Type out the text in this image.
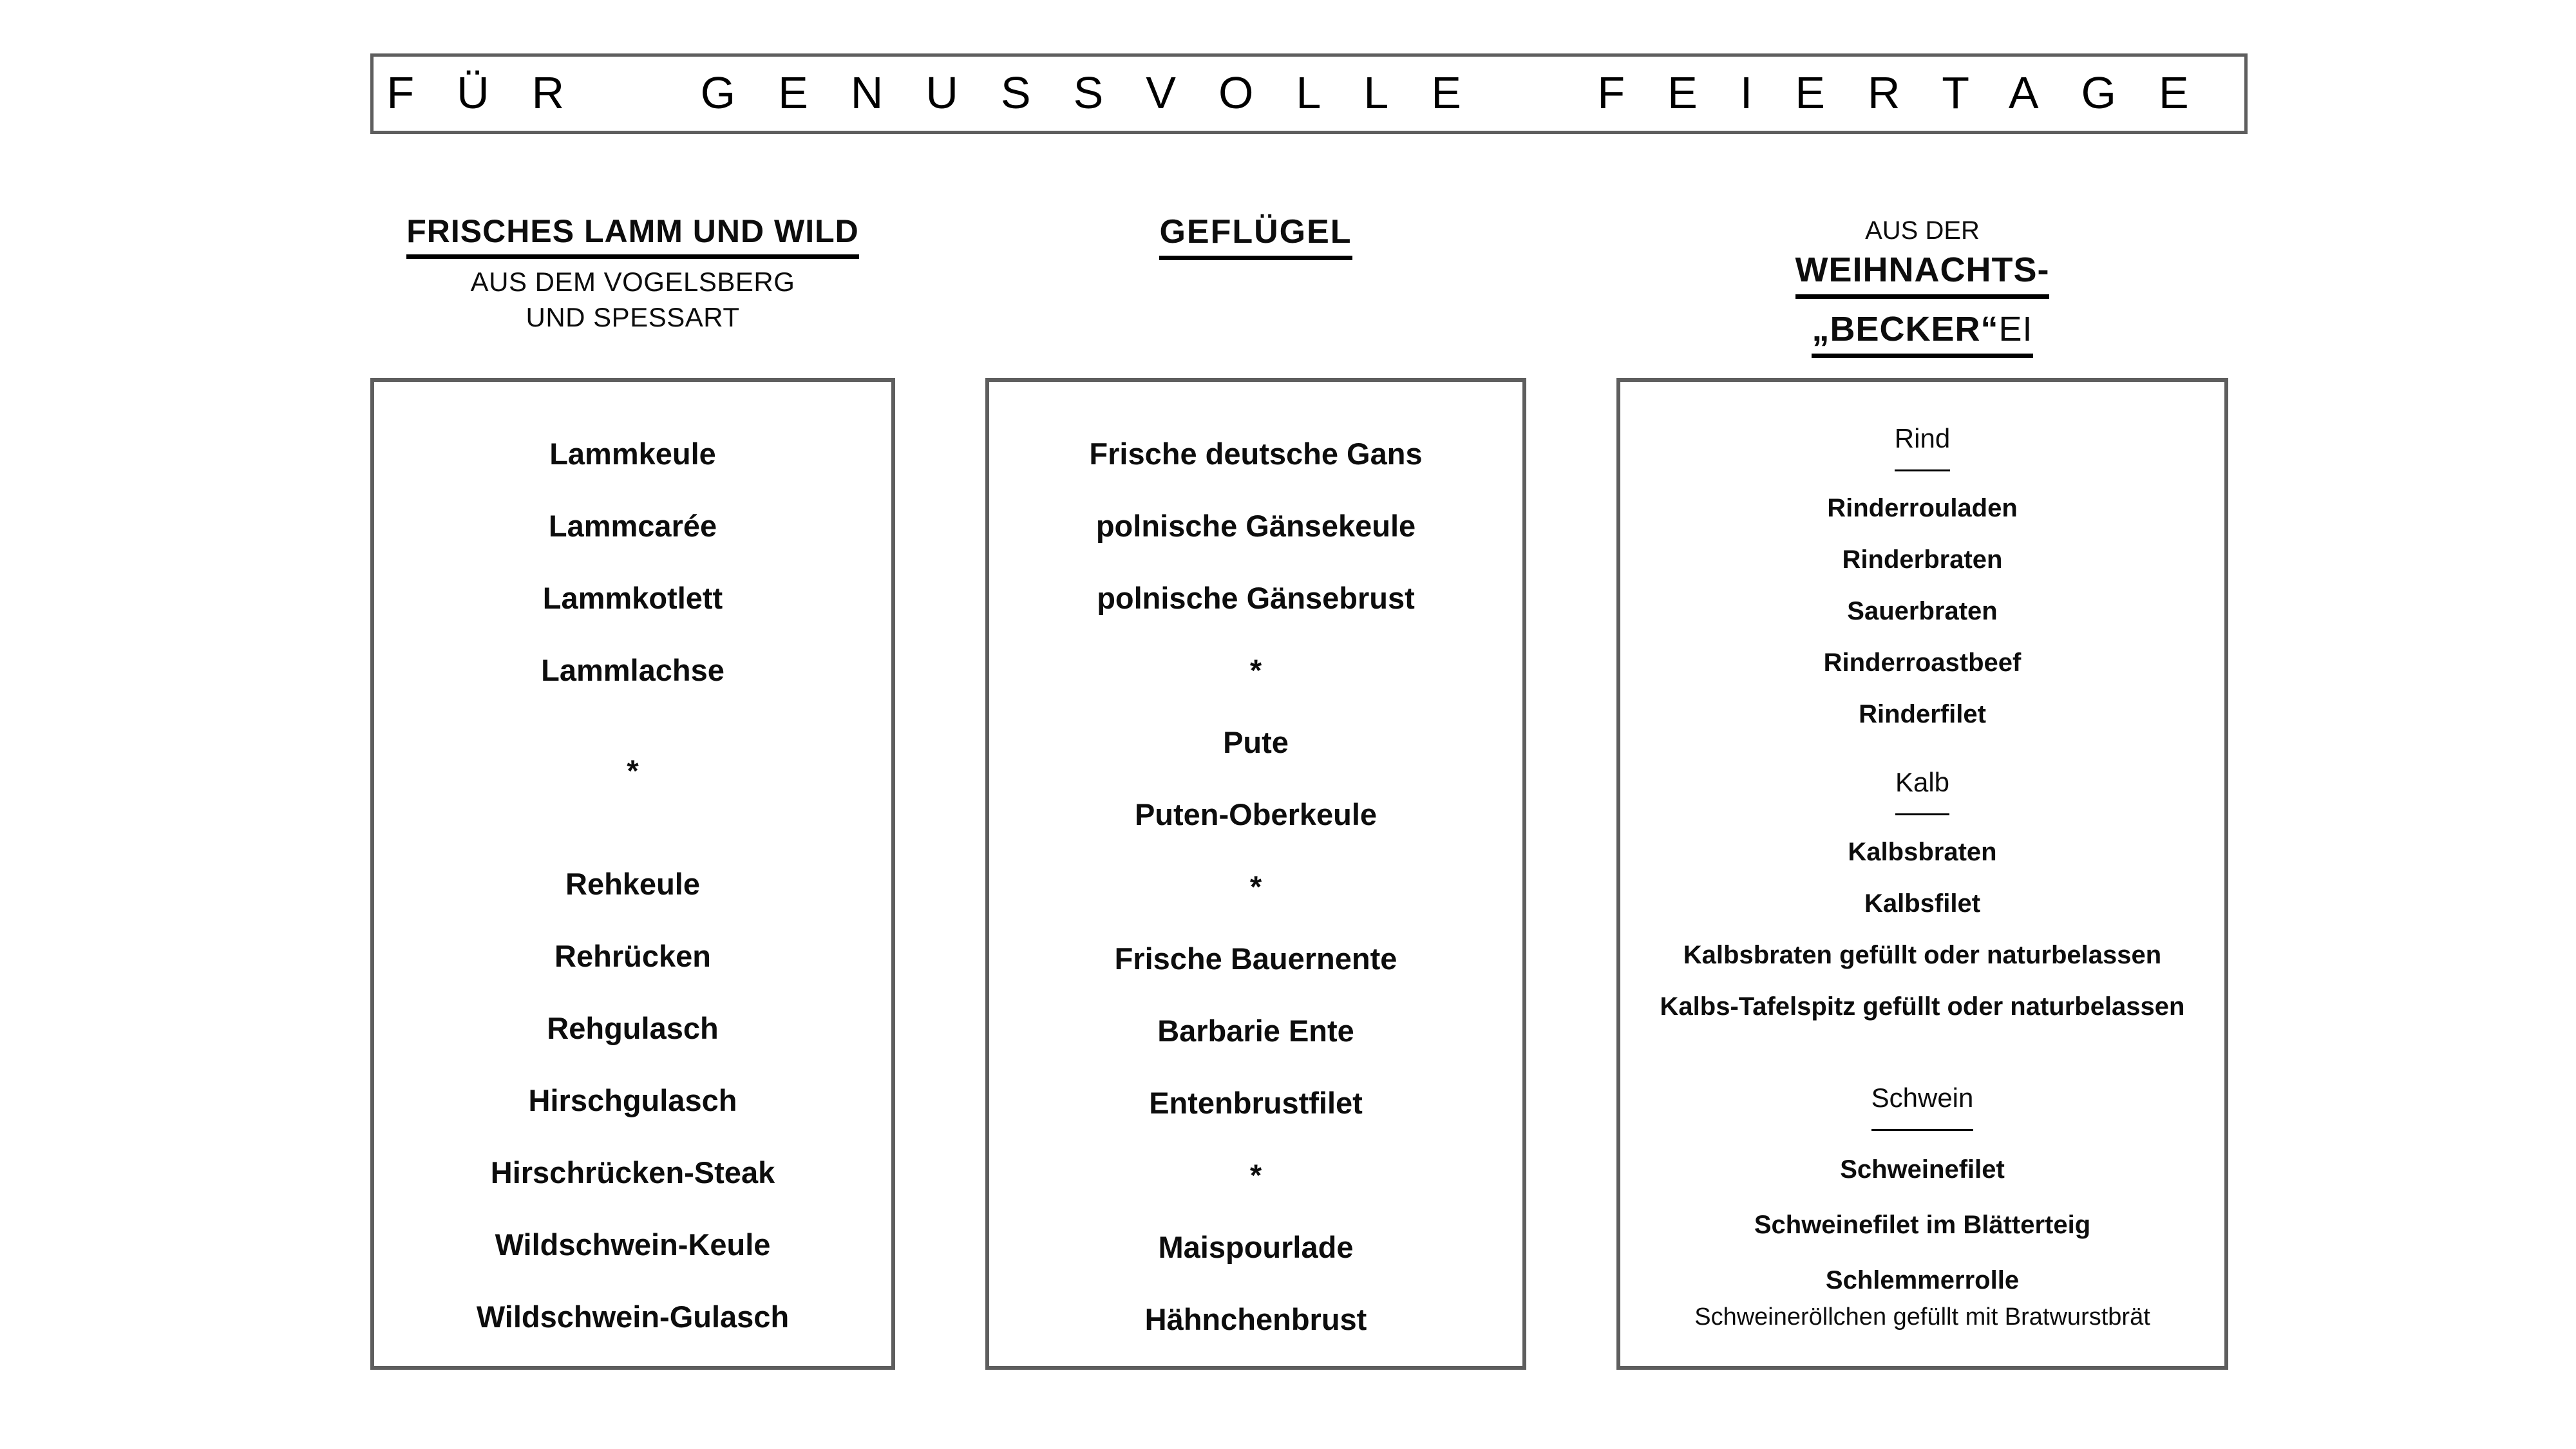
FÜR GENUSSVOLLE FEIERTAGE
FRISCHES LAMM UND WILD
AUS DEM VOGELSBERG
UND SPESSART
GEFLÜGEL	AUS DER
WEIHNACHTS-
„BECKER“EI
Lammkeule
Lammcarée
Lammkotlett
Lammlachse
*
Rehkeule
Rehrücken
Rehgulasch
Hirschgulasch
Hirschrücken-Steak
Wildschwein-Keule
Wildschwein-Gulasch
Frische deutsche Gans
polnische Gänsekeule
polnische Gänsebrust
*
Pute
Puten-Oberkeule
*
Frische Bauernente
Barbarie Ente
Entenbrustfilet
*
Maispourlade
Hähnchenbrust
Rind
Rinderrouladen
Rinderbraten
Sauerbraten
Rinderroastbeef
Rinderfilet
Kalb
Kalbsbraten
Kalbsfilet
Kalbsbraten gefüllt oder naturbelassen
Kalbs-Tafelspitz gefüllt oder naturbelassen
Schwein
Schweinefilet
Schweinefilet im Blätterteig
Schlemmerrolle
Schweineröllchen gefüllt mit Bratwurstbrät
